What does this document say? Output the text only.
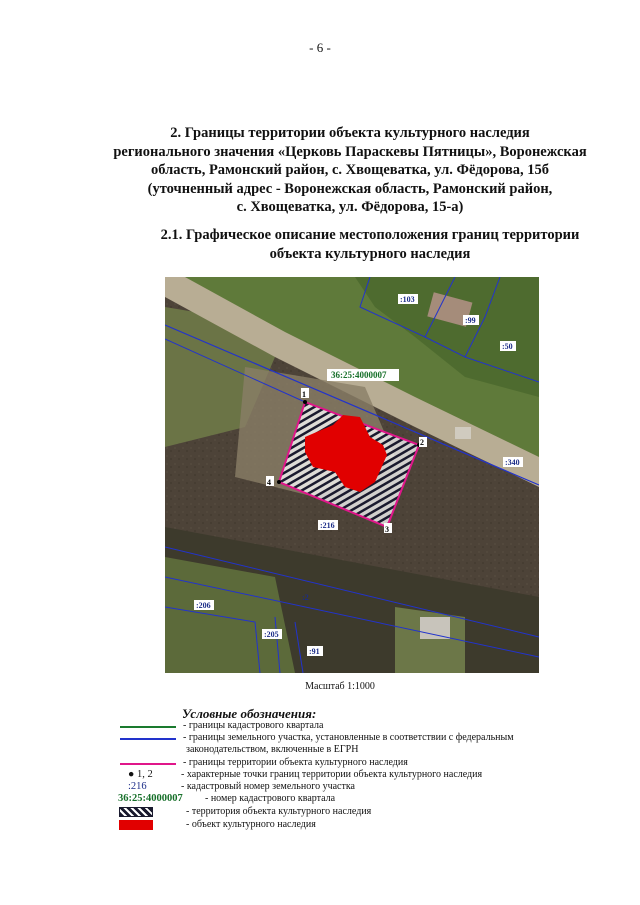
- 6 -
2. Границы территории объекта культурного наследия
регионального значения «Церковь Параскевы Пятницы», Воронежская
область, Рамонский район, с. Хвощеватка, ул. Фёдорова, 15б
(уточненный адрес - Воронежская область, Рамонский район,
с. Хвощеватка, ул. Фёдорова, 15-а)
2.1. Графическое описание местоположения границ территории
объекта культурного наследия
1
2
3
4
36:25:4000007
:103
:99
:50
:340
:216
:206
:205
:91
:2
Масштаб 1:1000
Условные обозначения:
- границы кадастрового квартала
- границы земельного участка, установленные в соответствии с федеральным
законодательством, включенные в ЕГРН
- границы территории объекта культурного наследия
● 1, 2	- характерные точки границ территории объекта культурного наследия
:216	- кадастровый номер земельного участка
36:25:4000007 - номер кадастрового квартала
- территория объекта культурного наследия
- объект культурного наследия
